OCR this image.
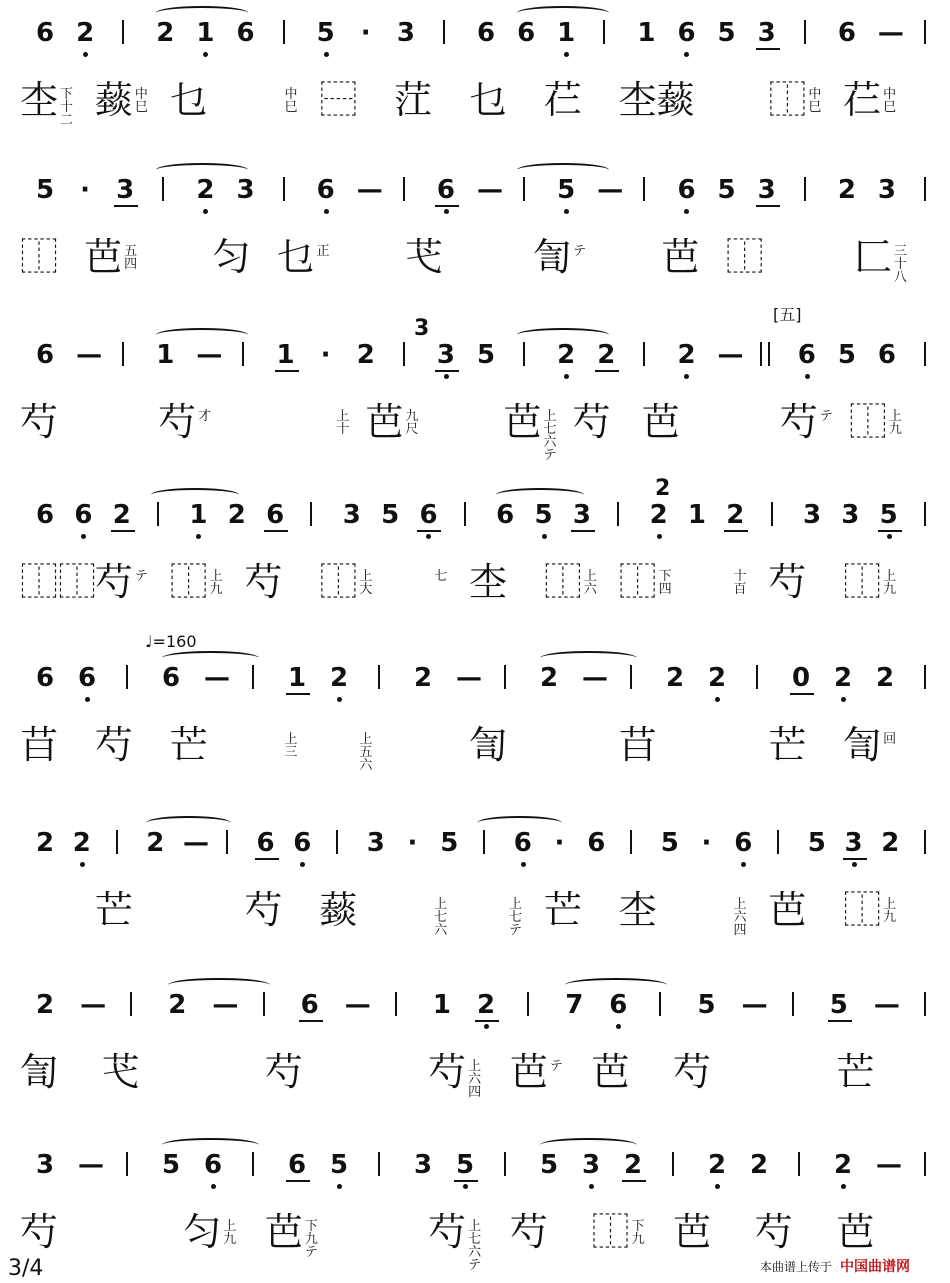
6 2 2 1 6 5 · 3 6 6 1 1 6 5 3 6 —
杢 下十二 䕭 中巳 乜	中巳 ⿱ 茳 乜 芢 杢䕭 ⿰ 中巳 芢 中巳
5 · 3 2 3 6 — 6 — 5 — 6 5 3 2 3
⿰ 芭 五四 匀 乜 正 芅 訇 テ 芭 ⿰ 匚 三十八
6 — 1 — 1 · 2 3 5 2 2 2 — 6 5 6
芍	芍 才	上十 芭 九尺 芭 上七六テ
芍 芭	芍 テ ⿰ 上九
6 6 2 1 2 6 3 5 6 6 5 3 2 1 2 3 3 5
⿰⿰
芍 テ ⿰ 上九 芍 ⿰ 上大
七 杢 ⿰ 上六 ⿰ 下四
十百 芍 ⿰ 上九
6 6	6 — 1 2	2 — 2 — 2 2	0 2 2
䒤 芍 芒	上三
上五六	訇	䒤	芒 訇 回
2 2 2 — 6 6 3 · 5 6 · 6 5 · 6 5 3 2
芒	芍 䕭	上七六
上七テ 芒 杢	上六四 芭 ⿰ 上九
2 — 2 — 6 — 1 2	7 6	5 — 5 —
訇 芅	芍	芍 上六四 芭 テ 芭 芍	芒
3 — 5 6	6 5	3 5	5 3 2	2 2	2 —
芍	匀 上九 芭 下九テ	芍 上七六テ
芍 ⿰ 下九 芭 芍 芭
♩=160
[五]
3
2
3/4	本曲谱上传于 中国曲谱网
